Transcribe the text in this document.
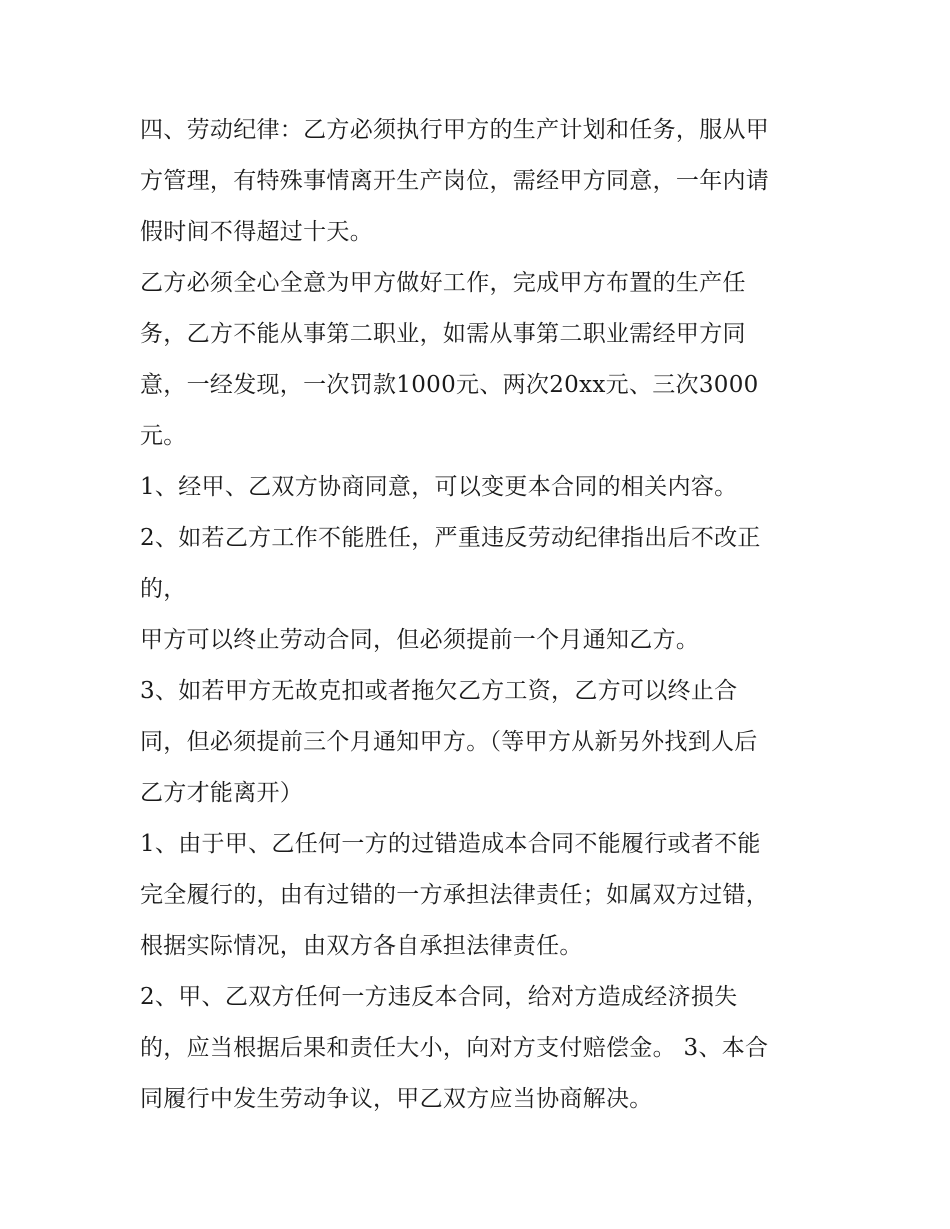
四、劳动纪律：乙方必须执行甲方的生产计划和任务，服从甲
方管理，有特殊事情离开生产岗位，需经甲方同意，一年内请
假时间不得超过十天。
乙方必须全心全意为甲方做好工作，完成甲方布置的生产任
务，乙方不能从事第二职业，如需从事第二职业需经甲方同
意，一经发现，一次罚款1000元、两次20xx元、三次3000
元。
1、经甲、乙双方协商同意，可以变更本合同的相关内容。
2、如若乙方工作不能胜任，严重违反劳动纪律指出后不改正
的，
甲方可以终止劳动合同，但必须提前一个月通知乙方。
3、如若甲方无故克扣或者拖欠乙方工资，乙方可以终止合
同，但必须提前三个月通知甲方。（等甲方从新另外找到人后
乙方才能离开）
1、由于甲、乙任何一方的过错造成本合同不能履行或者不能
完全履行的，由有过错的一方承担法律责任；如属双方过错，
根据实际情况，由双方各自承担法律责任。
2、甲、乙双方任何一方违反本合同，给对方造成经济损失
的，应当根据后果和责任大小，向对方支付赔偿金。 3、本合
同履行中发生劳动争议，甲乙双方应当协商解决。
